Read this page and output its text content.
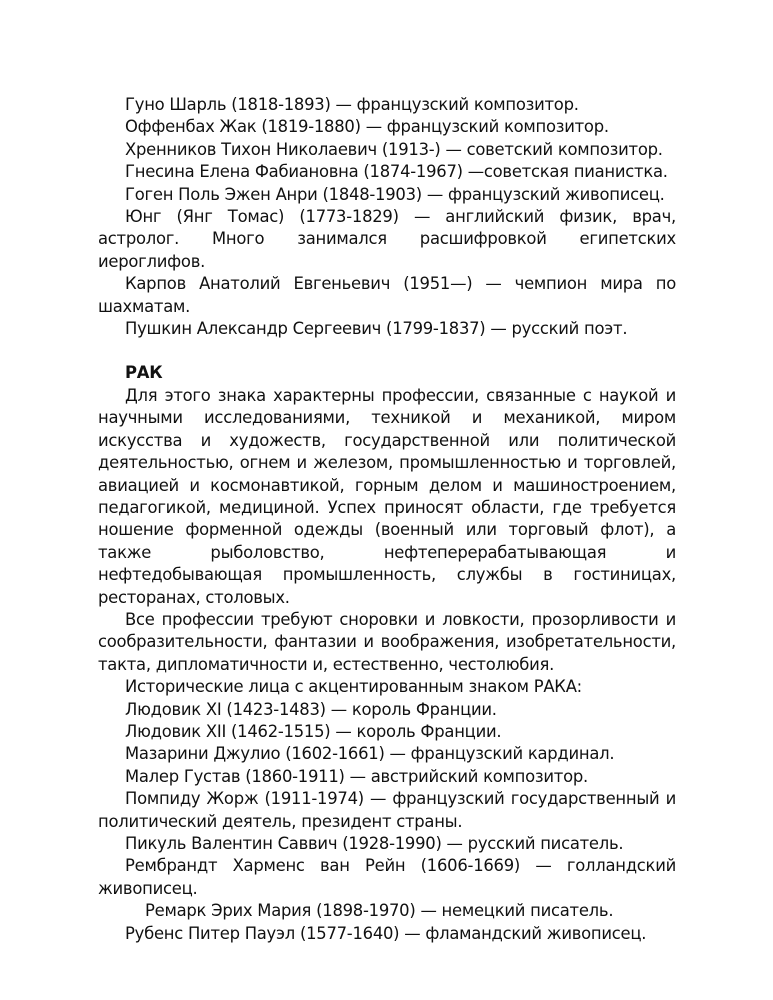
Гуно Шарль (1818-1893) — французский композитор.

Оффенбах Жак (1819-1880) — французский композитор.

Хренников Тихон Николаевич (1913-) — советский композитор.

Гнесина Елена Фабиановна (1874-1967) —советская пианистка.

Гоген Поль Эжен Анри (1848-1903) — французский живописец.

Юнг (Янг Томас) (1773-1829) — английский физик, врач, астролог. Много занимался расшифровкой египетских иероглифов.

Карпов Анатолий Евгеньевич (1951—) — чемпион мира по шахматам.

Пушкин Александр Сергеевич (1799-1837) — русский поэт.

РАК

Для этого знака характерны профессии, связанные с наукой и научными исследованиями, техникой и механикой, миром искусства и художеств, государственной или политической деятельностью, огнем и железом, промышленностью и торговлей, авиацией и космонавтикой, горным делом и машиностроением, педагогикой, медициной. Успех приносят области, где требуется ношение форменной одежды (военный или торговый флот), а также рыболовство, нефтеперерабатывающая и нефтедобывающая промышленность, службы в гостиницах, ресторанах, столовых.

Все профессии требуют сноровки и ловкости, прозорливости и сообразительности, фантазии и воображения, изобретательности, такта, дипломатичности и, естественно, честолюбия.

Исторические лица с акцентированным знаком РАКА:

Людовик XI (1423-1483) — король Франции.

Людовик XII (1462-1515) — король Франции.

Мазарини Джулио (1602-1661) — французский кардинал.

Малер Густав (1860-1911) — австрийский композитор.

Помпиду Жорж (1911-1974) — французский государственный и политический деятель, президент страны.

Пикуль Валентин Саввич (1928-1990) — русский писатель.

Рембрандт Харменс ван Рейн (1606-1669) — голландский живописец.

Ремарк Эрих Мария (1898-1970) — немецкий писатель.

Рубенс Питер Пауэл (1577-1640) — фламандский живописец.
